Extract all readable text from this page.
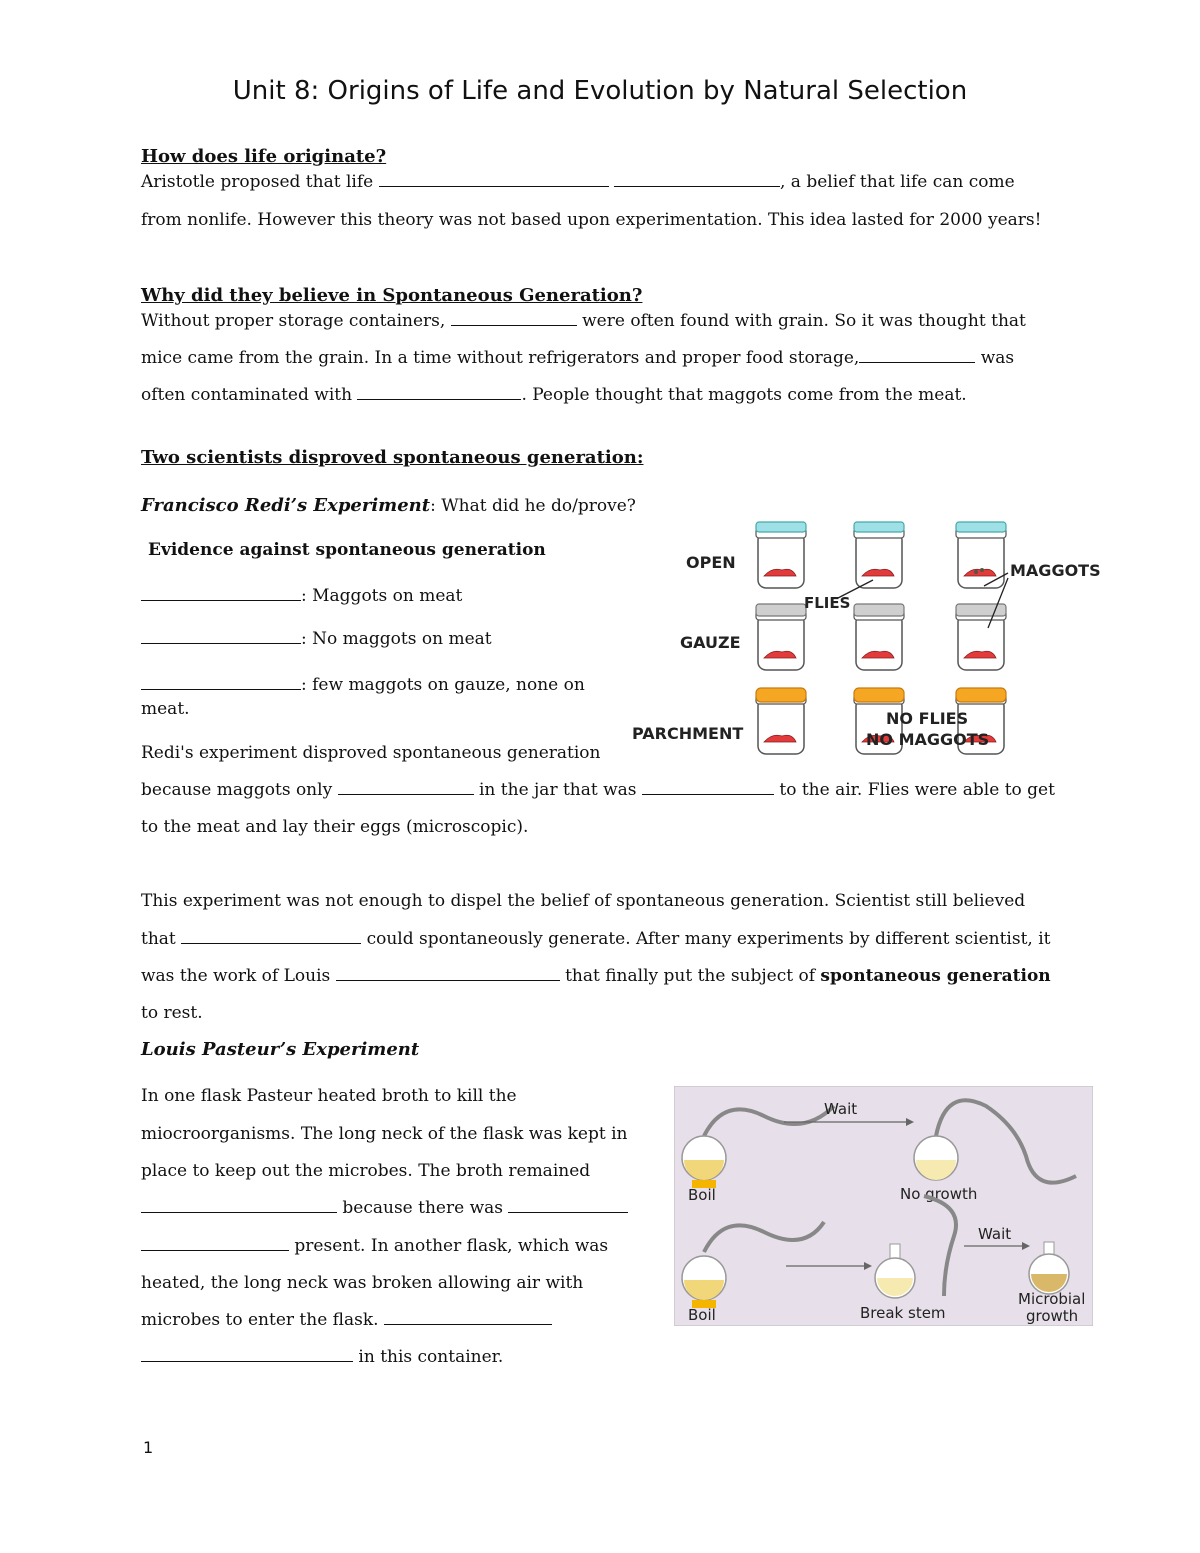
Unit 8: Origins of Life and Evolution by Natural Selection
How does life originate?
Aristotle proposed that life	, a belief that life can come
from nonlife. However this theory was not based upon experimentation. This idea lasted for 2000 years!
Why did they believe in Spontaneous Generation?
Without proper storage containers,	were often found with grain. So it was thought that
mice came from the grain. In a time without refrigerators and proper food storage,	was
often contaminated with	. People thought that maggots come from the meat.
Two scientists disproved spontaneous generation:
Francisco Redi’s Experiment: What did he do/prove?
Evidence against spontaneous generation
: Maggots on meat
: No maggots on meat
: few maggots on gauze, none on
meat.
Redi's experiment disproved spontaneous generation
because maggots only	in the jar that was	to the air. Flies were able to get
to the meat and lay their eggs (microscopic).
OPEN
GAUZE
PARCHMENT
FLIES
MAGGOTS
NO FLIES
NO MAGGOTS
This experiment was not enough to dispel the belief of spontaneous generation. Scientist still believed
that	could spontaneously generate. After many experiments by different scientist, it
was the work of Louis	that finally put the subject of spontaneous generation
to rest.
Louis Pasteur’s Experiment
In one flask Pasteur heated broth to kill the
miocroorganisms. The long neck of the flask was kept in
place to keep out the microbes. The broth remained
because there was
present. In another flask, which was
heated, the long neck was broken allowing air with
microbes to enter the flask.
in this container.
Wait
Boil	No growth
Wait
Boil	Break stem
Microbial
growth
1
